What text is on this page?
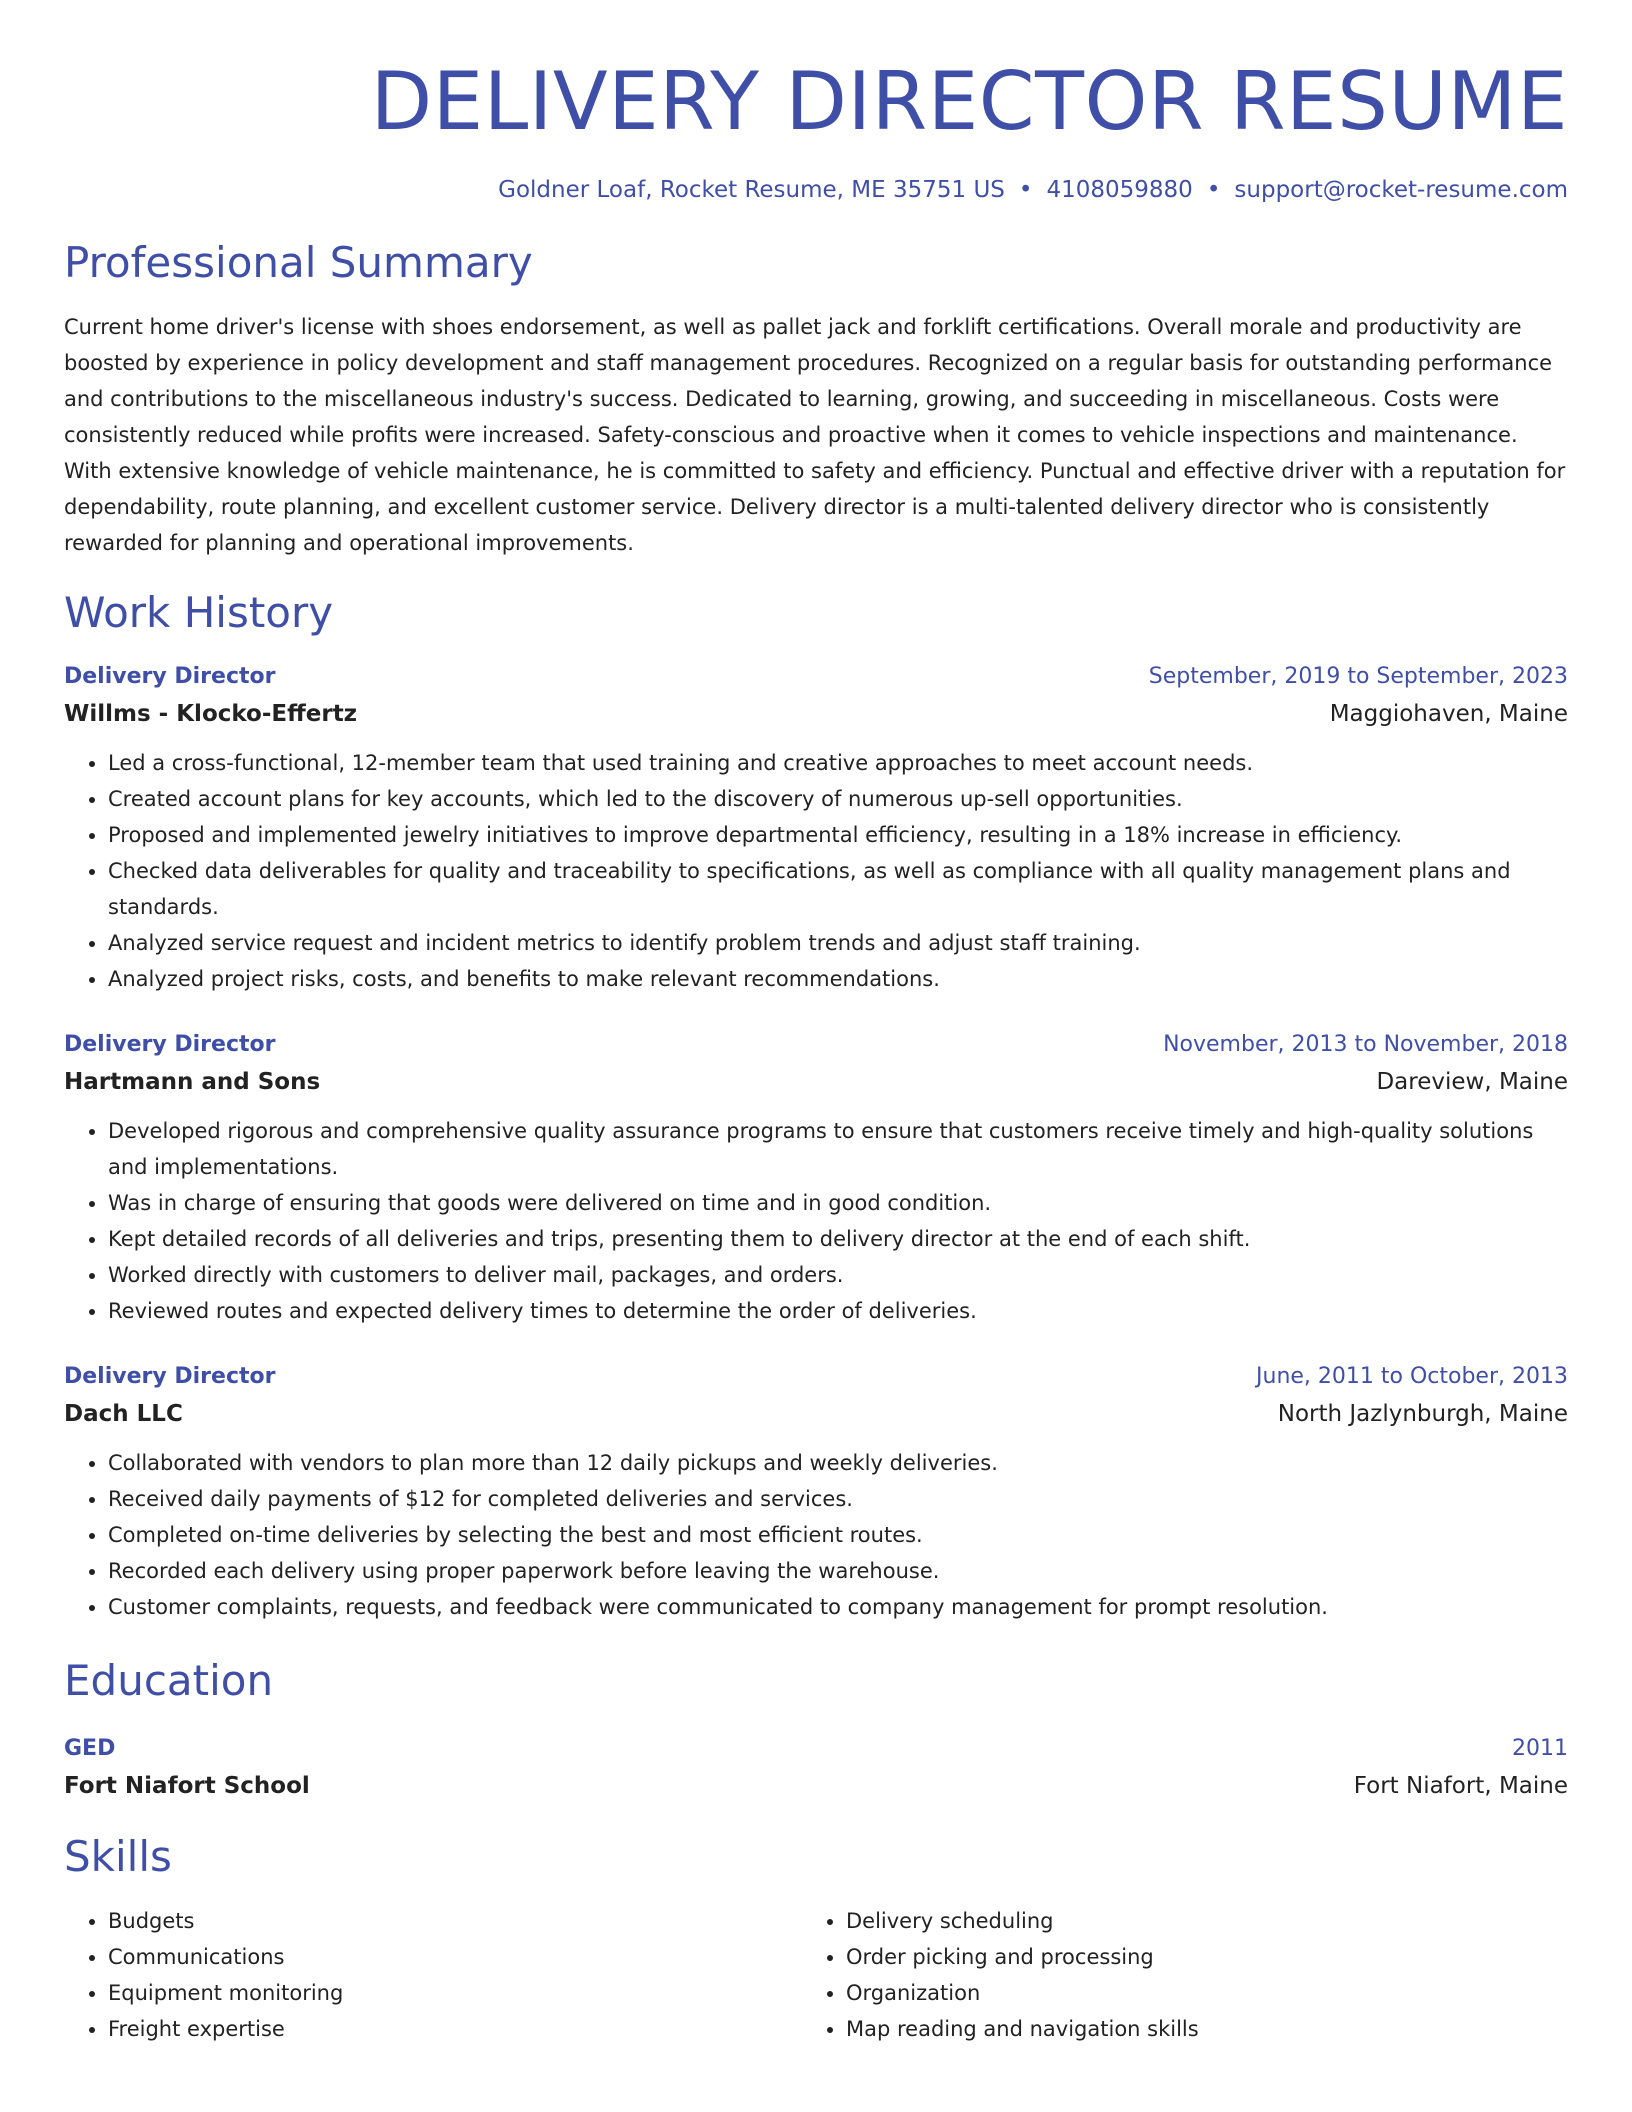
DELIVERY DIRECTOR RESUME
Goldner Loaf, Rocket Resume, ME 35751 US • 4108059880 • support@rocket-resume.com
Professional Summary
Current home driver's license with shoes endorsement, as well as pallet jack and forklift certifications. Overall morale and productivity are boosted by experience in policy development and staff management procedures. Recognized on a regular basis for outstanding performance and contributions to the miscellaneous industry's success. Dedicated to learning, growing, and succeeding in miscellaneous. Costs were consistently reduced while profits were increased. Safety-conscious and proactive when it comes to vehicle inspections and maintenance. With extensive knowledge of vehicle maintenance, he is committed to safety and efficiency. Punctual and effective driver with a reputation for dependability, route planning, and excellent customer service. Delivery director is a multi-talented delivery director who is consistently rewarded for planning and operational improvements.
Work History
Delivery Director	September, 2019 to September, 2023
Willms - Klocko-Effertz	Maggiohaven, Maine
• Led a cross-functional, 12-member team that used training and creative approaches to meet account needs.
• Created account plans for key accounts, which led to the discovery of numerous up-sell opportunities.
• Proposed and implemented jewelry initiatives to improve departmental efficiency, resulting in a 18% increase in efficiency.
• Checked data deliverables for quality and traceability to specifications, as well as compliance with all quality management plans and standards.
• Analyzed service request and incident metrics to identify problem trends and adjust staff training.
• Analyzed project risks, costs, and benefits to make relevant recommendations.
Delivery Director	November, 2013 to November, 2018
Hartmann and Sons	Dareview, Maine
• Developed rigorous and comprehensive quality assurance programs to ensure that customers receive timely and high-quality solutions and implementations.
• Was in charge of ensuring that goods were delivered on time and in good condition.
• Kept detailed records of all deliveries and trips, presenting them to delivery director at the end of each shift.
• Worked directly with customers to deliver mail, packages, and orders.
• Reviewed routes and expected delivery times to determine the order of deliveries.
Delivery Director	June, 2011 to October, 2013
Dach LLC	North Jazlynburgh, Maine
• Collaborated with vendors to plan more than 12 daily pickups and weekly deliveries.
• Received daily payments of $12 for completed deliveries and services.
• Completed on-time deliveries by selecting the best and most efficient routes.
• Recorded each delivery using proper paperwork before leaving the warehouse.
• Customer complaints, requests, and feedback were communicated to company management for prompt resolution.
Education
GED	2011
Fort Niafort School	Fort Niafort, Maine
Skills
• Budgets
• Communications
• Equipment monitoring
• Freight expertise
• Delivery scheduling
• Order picking and processing
• Organization
• Map reading and navigation skills
